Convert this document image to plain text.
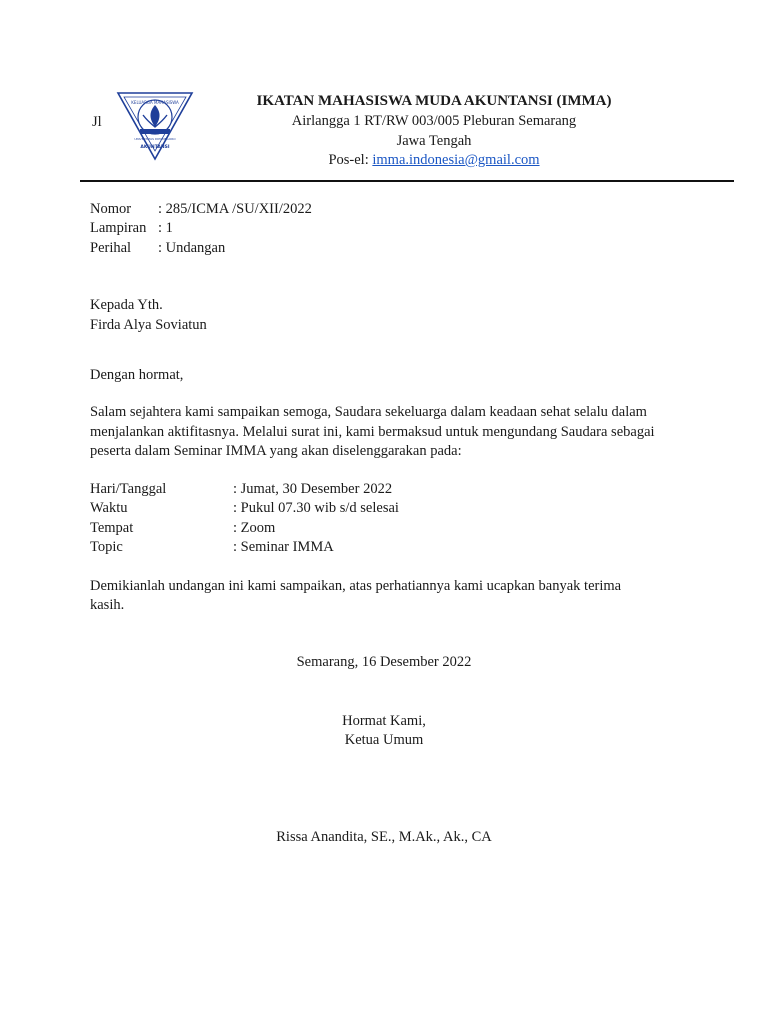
Jl
KELUARGA MAHASISWA
UNIVERSITAS DIPONEGORO
AKUNTANSI
IKATAN MAHASISWA MUDA AKUNTANSI (IMMA)
Airlangga 1 RT/RW 003/005 Pleburan Semarang
Jawa Tengah
Pos-el: imma.indonesia@gmail.com
Nomor : 285/ICMA /SU/XII/2022
Lampiran : 1
Perihal : Undangan
Kepada Yth.
Firda Alya Soviatun
Dengan hormat,
Salam sejahtera kami sampaikan semoga, Saudara sekeluarga dalam keadaan sehat selalu dalam
menjalankan aktifitasnya. Melalui surat ini, kami bermaksud untuk mengundang Saudara sebagai
peserta dalam Seminar IMMA yang akan diselenggarakan pada:
Hari/Tanggal	: Jumat, 30 Desember 2022
Waktu	: Pukul 07.30 wib s/d selesai
Tempat	: Zoom
Topic	: Seminar IMMA
Demikianlah undangan ini kami sampaikan, atas perhatiannya kami ucapkan banyak terima
kasih.
Semarang, 16 Desember 2022
Hormat Kami,
Ketua Umum
Rissa Anandita, SE., M.Ak., Ak., CA
